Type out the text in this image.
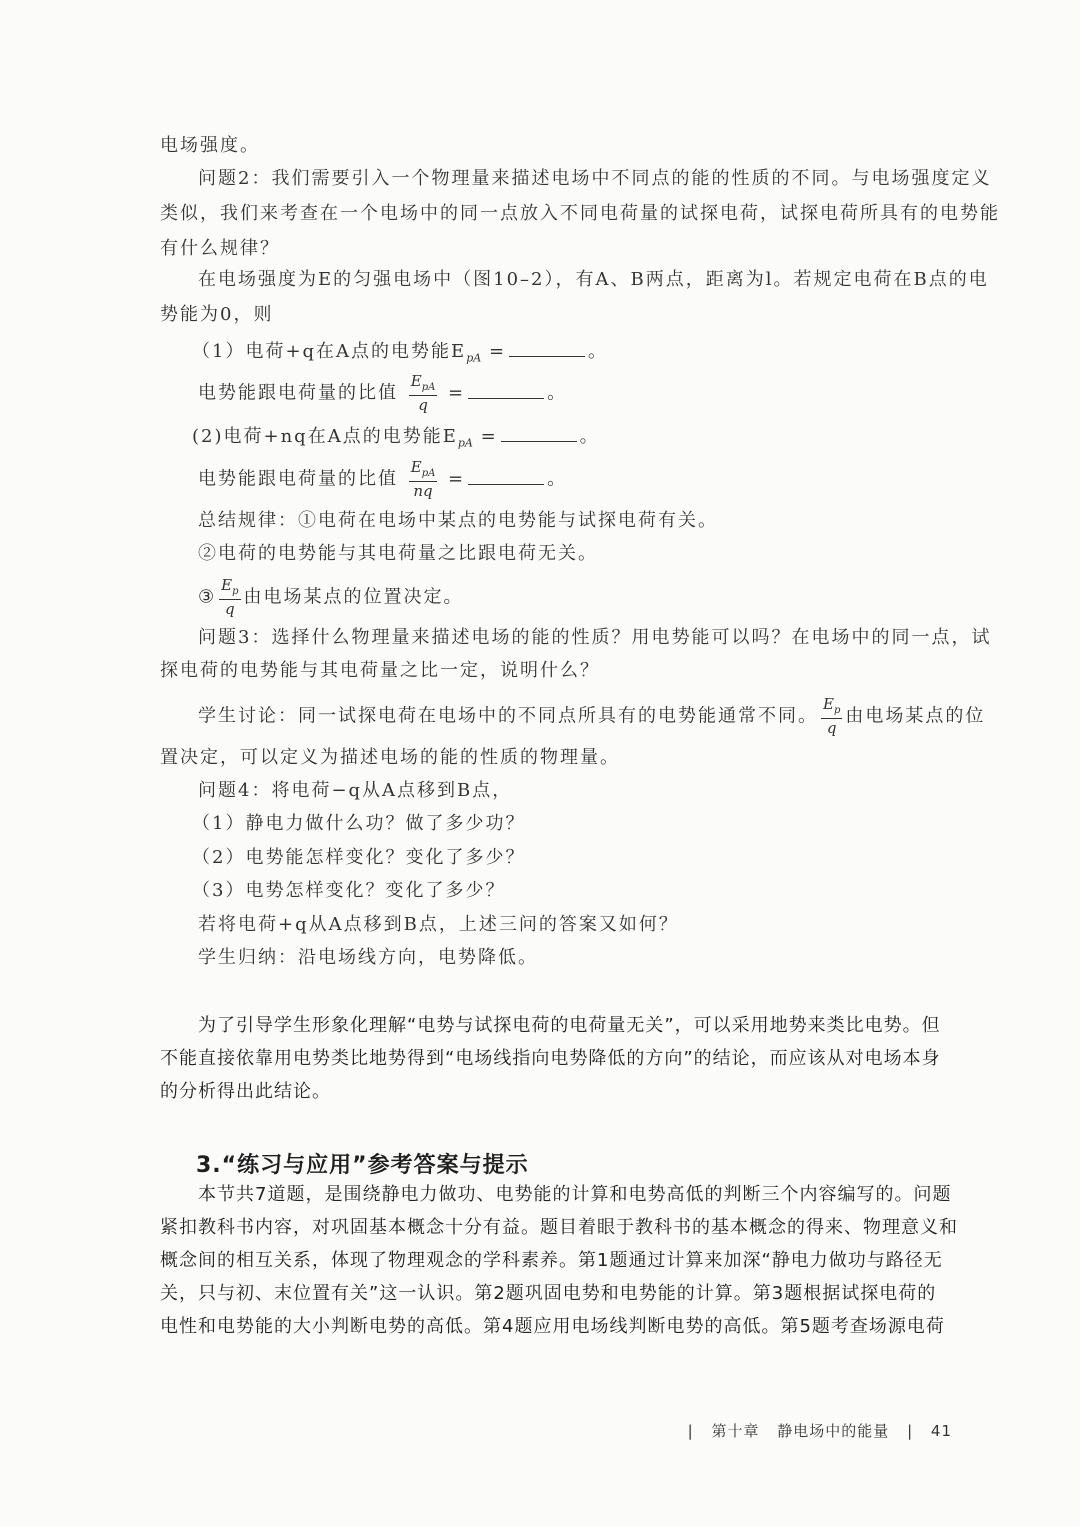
电场强度。
问题2：我们需要引入一个物理量来描述电场中不同点的能的性质的不同。与电场强度定义
类似，我们来考查在一个电场中的同一点放入不同电荷量的试探电荷，试探电荷所具有的电势能
有什么规律？
在电场强度为E的匀强电场中（图10–2），有A、B两点，距离为l。若规定电荷在B点的电
势能为0，则
（1）电荷+q在A点的电势能$E_{pA}$ =	。
电势能跟电荷量的比值 $\frac{E_{pA}}{q}$ =	。
(2)电荷+nq在A点的电势能$E_{pA}$ =	。
电势能跟电荷量的比值 $\frac{E_{pA}}{nq}$ =	。
总结规律：①电荷在电场中某点的电势能与试探电荷有关。
②电荷的电势能与其电荷量之比跟电荷无关。
③ $\frac{E_p}{q}$ 由电场某点的位置决定。
问题3：选择什么物理量来描述电场的能的性质？用电势能可以吗？在电场中的同一点，试
探电荷的电势能与其电荷量之比一定，说明什么？
学生讨论：同一试探电荷在电场中的不同点所具有的电势能通常不同。 $\frac{E_p}{q}$ 由电场某点的位
置决定，可以定义为描述电场的能的性质的物理量。
问题4：将电荷−q从A点移到B点，
（1）静电力做什么功？做了多少功？
（2）电势能怎样变化？变化了多少？
（3）电势怎样变化？变化了多少？
若将电荷+q从A点移到B点，上述三问的答案又如何？
学生归纳：沿电场线方向，电势降低。
为了引导学生形象化理解“电势与试探电荷的电荷量无关”，可以采用地势来类比电势。但
不能直接依靠用电势类比地势得到“电场线指向电势降低的方向”的结论，而应该从对电场本身
的分析得出此结论。
3.“练习与应用”参考答案与提示
本节共7道题，是围绕静电力做功、电势能的计算和电势高低的判断三个内容编写的。问题
紧扣教科书内容，对巩固基本概念十分有益。题目着眼于教科书的基本概念的得来、物理意义和
概念间的相互关系，体现了物理观念的学科素养。第1题通过计算来加深“静电力做功与路径无
关，只与初、末位置有关”这一认识。第2题巩固电势和电势能的计算。第3题根据试探电荷的
电性和电势能的大小判断电势的高低。第4题应用电场线判断电势的高低。第5题考查场源电荷
| 第十章 静电场中的能量 | 41
